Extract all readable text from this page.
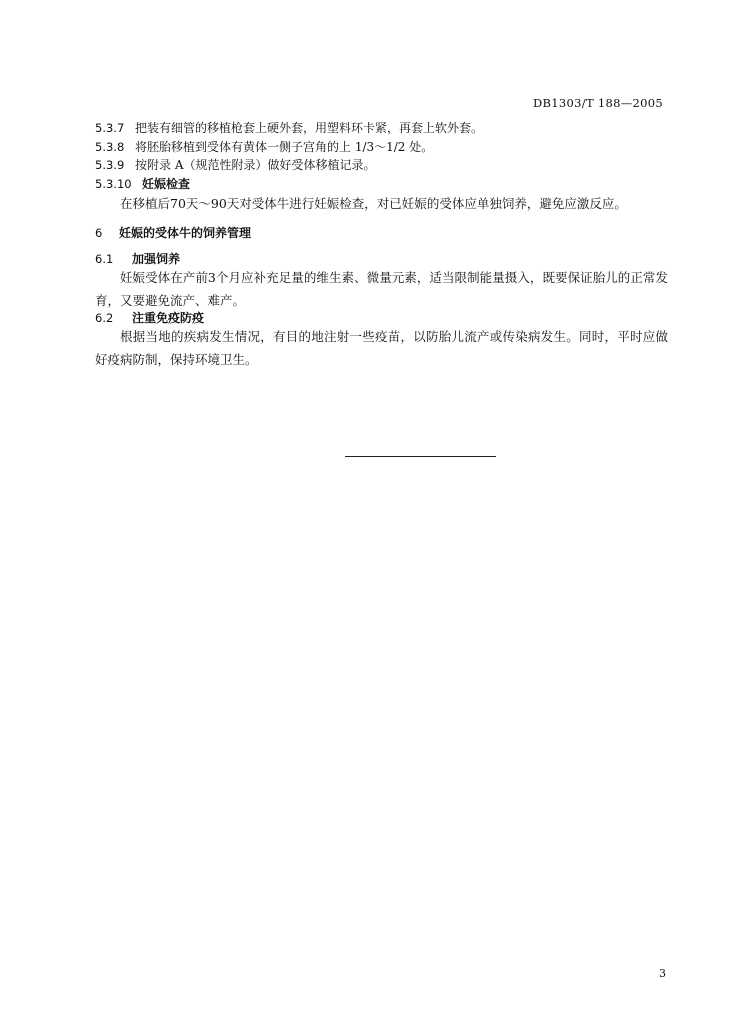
DB1303/T 188—2005
5.3.7 把装有细管的移植枪套上硬外套，用塑料环卡紧，再套上软外套。
5.3.8 将胚胎移植到受体有黄体一侧子宫角的上 1/3～1/2 处。
5.3.9 按附录 A（规范性附录）做好受体移植记录。
5.3.10 妊娠检查

在移植后70天～90天对受体牛进行妊娠检查，对已妊娠的受体应单独饲养，避免应激反应。

6 妊娠的受体牛的饲养管理
6.1 加强饲养

妊娠受体在产前3个月应补充足量的维生素、微量元素，适当限制能量摄入，既要保证胎儿的正常发育，又要避免流产、难产。

6.2 注重免疫防疫

根据当地的疾病发生情况，有目的地注射一些疫苗，以防胎儿流产或传染病发生。同时，平时应做好疫病防制，保持环境卫生。

3
